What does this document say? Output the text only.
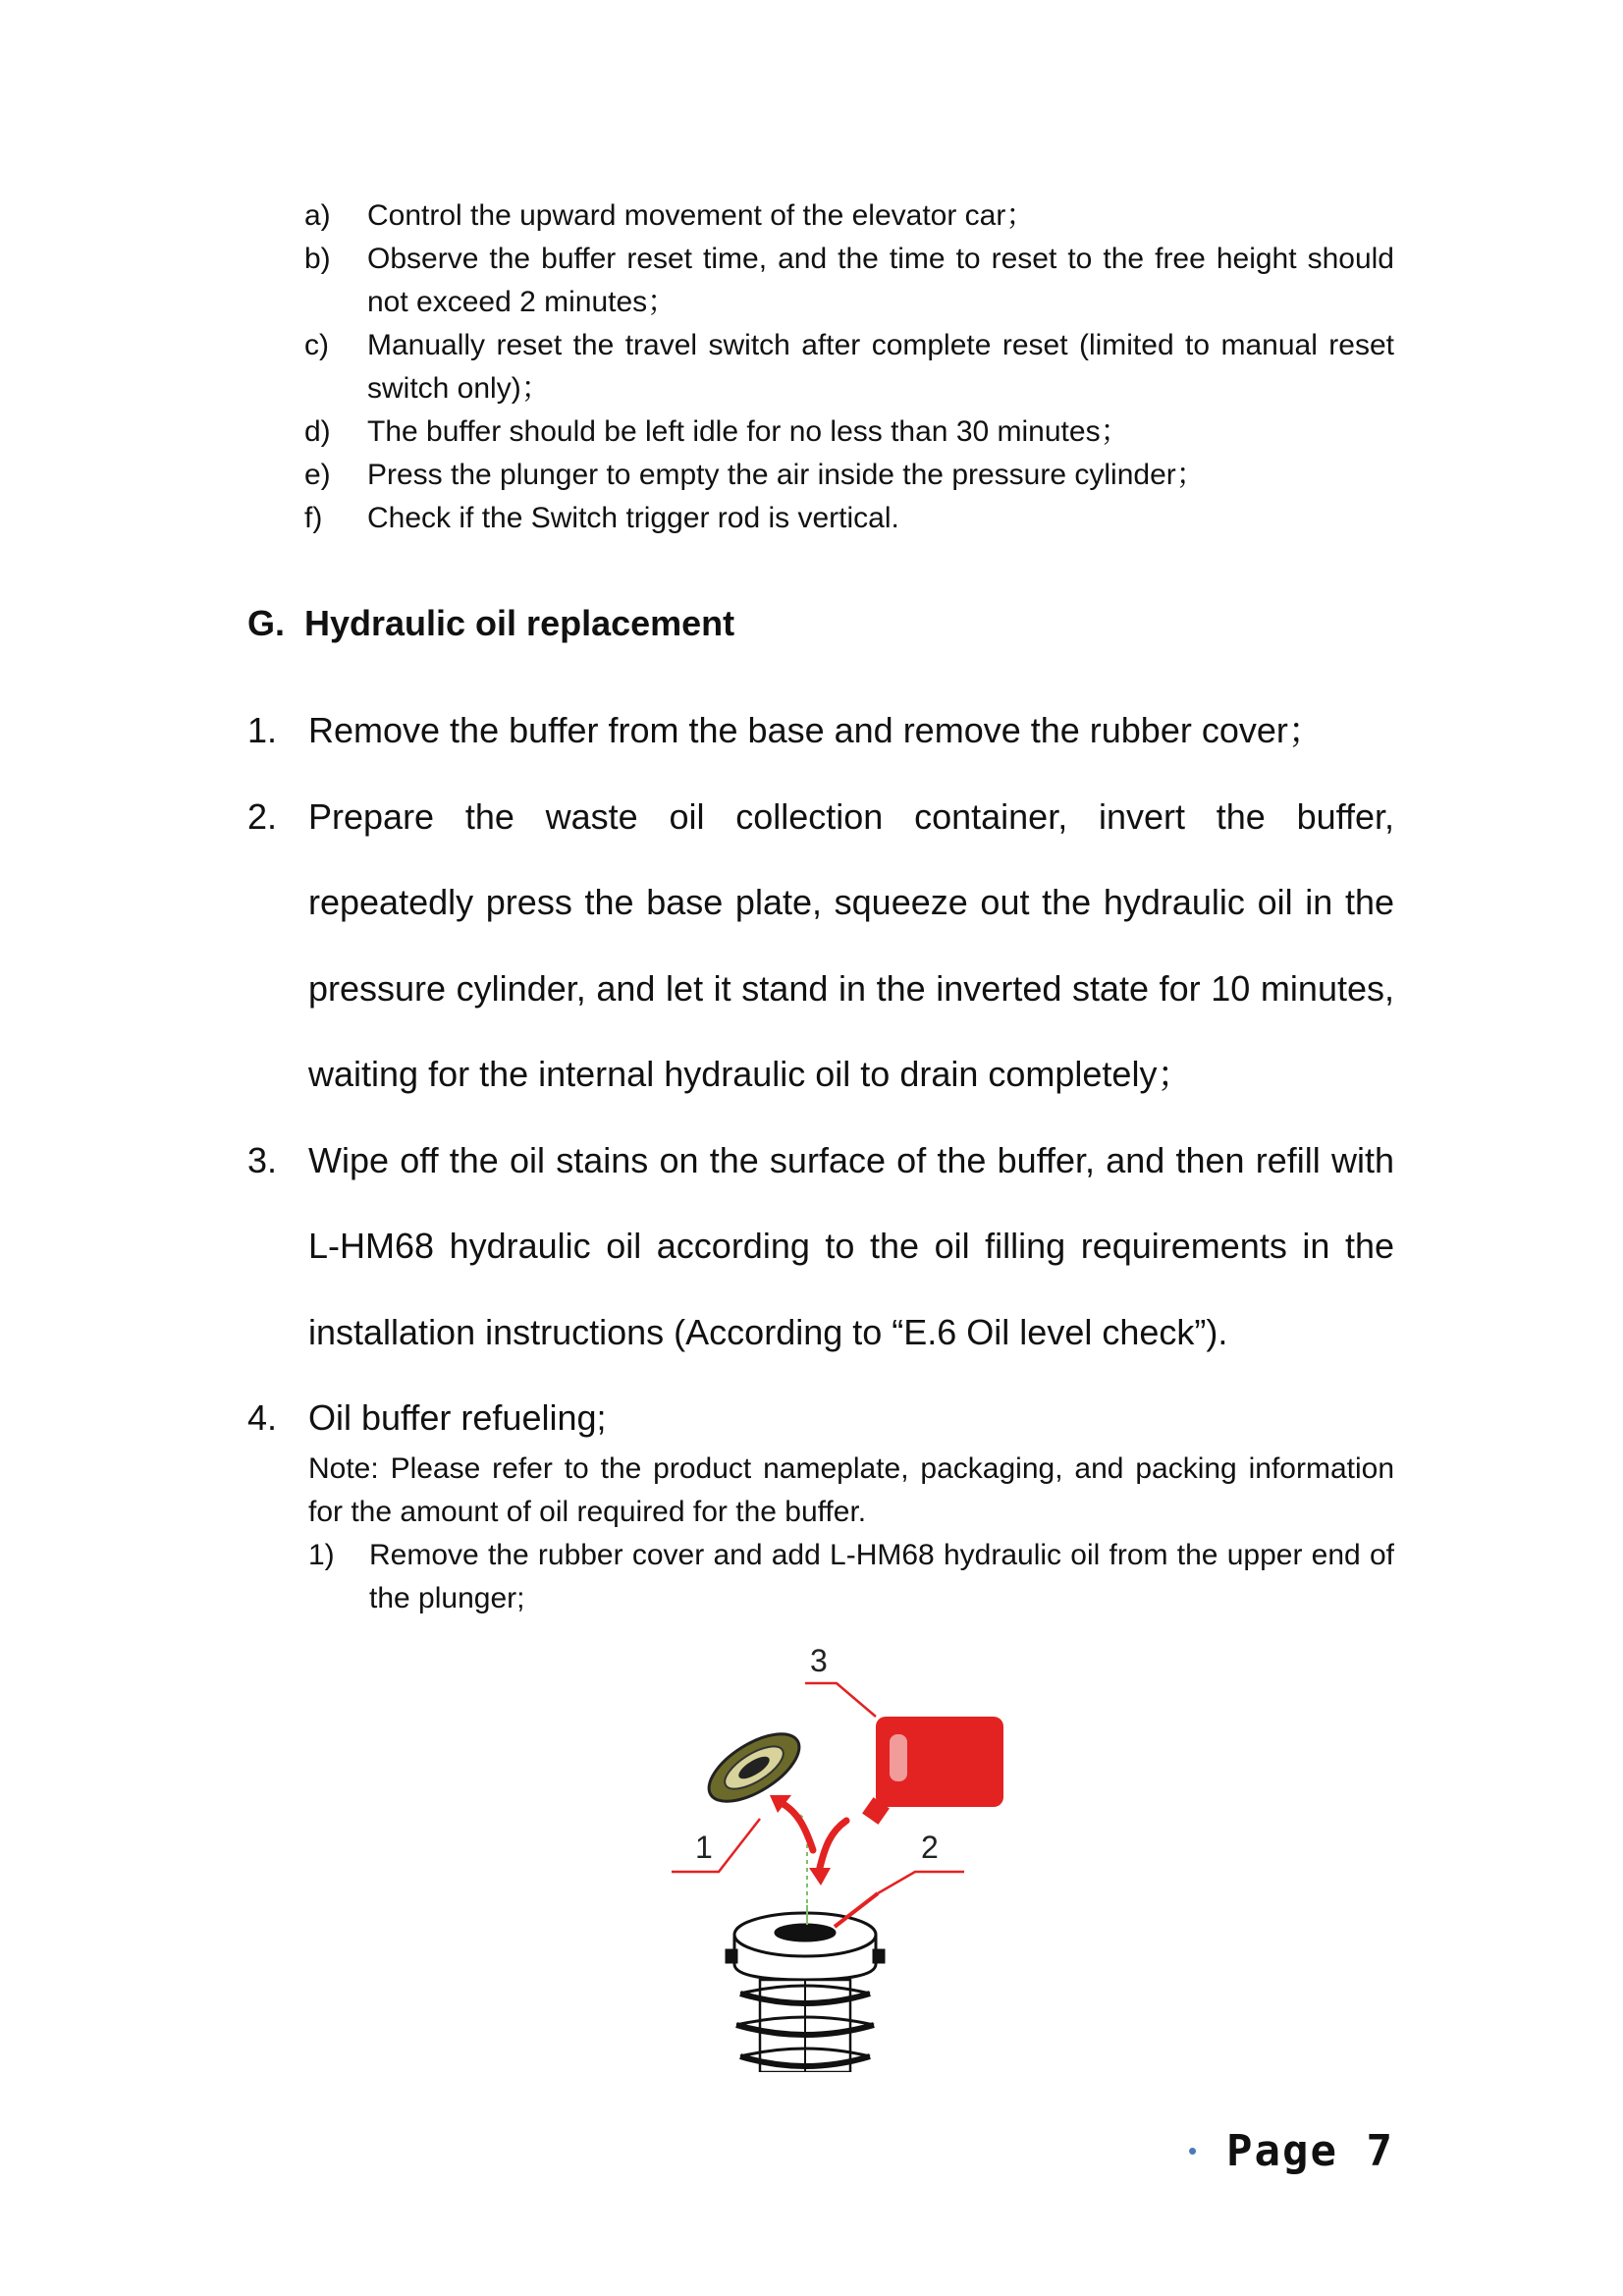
a)	Control the upward movement of the elevator car；
b)	Observe the buffer reset time, and the time to reset to the free height should not exceed 2 minutes；
c)	Manually reset the travel switch after complete reset (limited to manual reset switch only)；
d)	The buffer should be left idle for no less than 30 minutes；
e)	Press the plunger to empty the air inside the pressure cylinder；
f)	Check if the Switch trigger rod is vertical.
G. Hydraulic oil replacement
1. Remove the buffer from the base and remove the rubber cover；
2. Prepare the waste oil collection container, invert the buffer, repeatedly press the base plate, squeeze out the hydraulic oil in the pressure cylinder, and let it stand in the inverted state for 10 minutes, waiting for the internal hydraulic oil to drain completely；
3. Wipe off the oil stains on the surface of the buffer, and then refill with L-HM68 hydraulic oil according to the oil filling requirements in the installation instructions (According to “E.6 Oil level check”).
4. Oil buffer refueling;
Note: Please refer to the product nameplate, packaging, and packing information for the amount of oil required for the buffer.
1)	Remove the rubber cover and add L-HM68 hydraulic oil from the upper end of the plunger;
3
1	2
• Page 7
